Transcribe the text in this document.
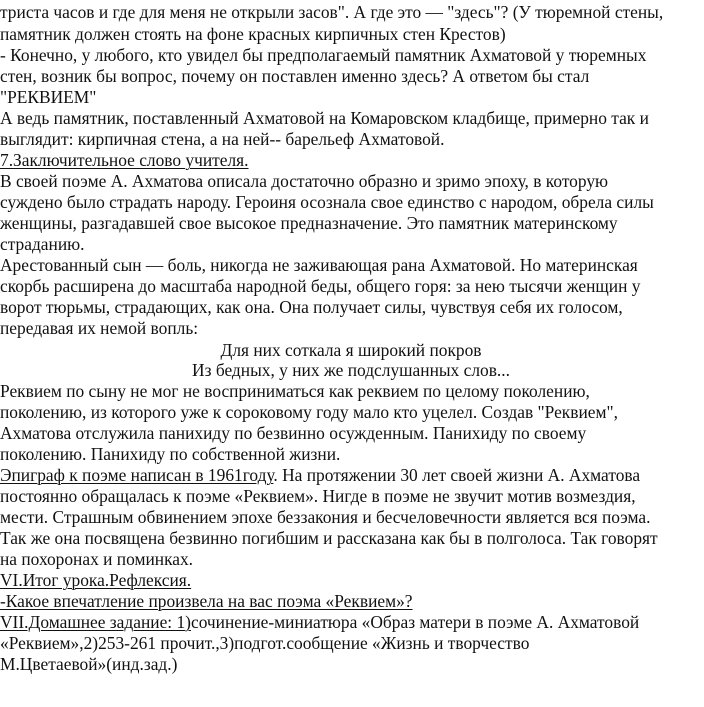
триста часов и где для меня не открыли засов". А где это — "здесь"? (У тюремной стены,
памятник должен стоять на фоне красных кирпичных стен Крестов)
- Конечно, у любого, кто увидел бы предполагаемый памятник Ахматовой у тюремных
стен, возник бы вопрос, почему он поставлен именно здесь? А ответом бы стал
"РЕКВИЕМ"
А ведь памятник, поставленный Ахматовой на Комаровском кладбище, примерно так и
выглядит: кирпичная стена, а на ней-- барельеф Ахматовой.
7.Заключительное слово учителя.
В своей поэме А. Ахматова описала достаточно образно и зримо эпоху, в которую
суждено было страдать народу. Героиня осознала свое единство с народом, обрела силы
женщины, разгадавшей свое высокое предназначение. Это памятник материнскому
страданию.
Арестованный сын — боль, никогда не заживающая рана Ахматовой. Но материнская
скорбь расширена до масштаба народной беды, общего горя: за нею тысячи женщин у
ворот тюрьмы, страдающих, как она. Она получает силы, чувствуя себя их голосом,
передавая их немой вопль:
Для них соткала я широкий покров
Из бедных, у них же подслушанных слов...
Реквием по сыну не мог не восприниматься как реквием по целому поколению,
поколению, из которого уже к сороковому году мало кто уцелел. Создав "Реквием",
Ахматова отслужила панихиду по безвинно осужденным. Панихиду по своему
поколению. Панихиду по собственной жизни.
Эпиграф к поэме написан в 1961году. На протяжении 30 лет своей жизни А. Ахматова
постоянно обращалась к поэме «Реквием». Нигде в поэме не звучит мотив возмездия,
мести. Страшным обвинением эпохе беззакония и бесчеловечности является вся поэма.
Так же она посвящена безвинно погибшим и рассказана как бы в полголоса. Так говорят
на похоронах и поминках.
VI.Итог урока.Рефлексия.
-Какое впечатление произвела на вас поэма «Реквием»?
VII.Домашнее задание: 1)сочинение-миниатюра «Образ матери в поэме А. Ахматовой
«Реквием»,2)253-261 прочит.,3)подгот.сообщение «Жизнь и творчество
М.Цветаевой»(инд.зад.)
